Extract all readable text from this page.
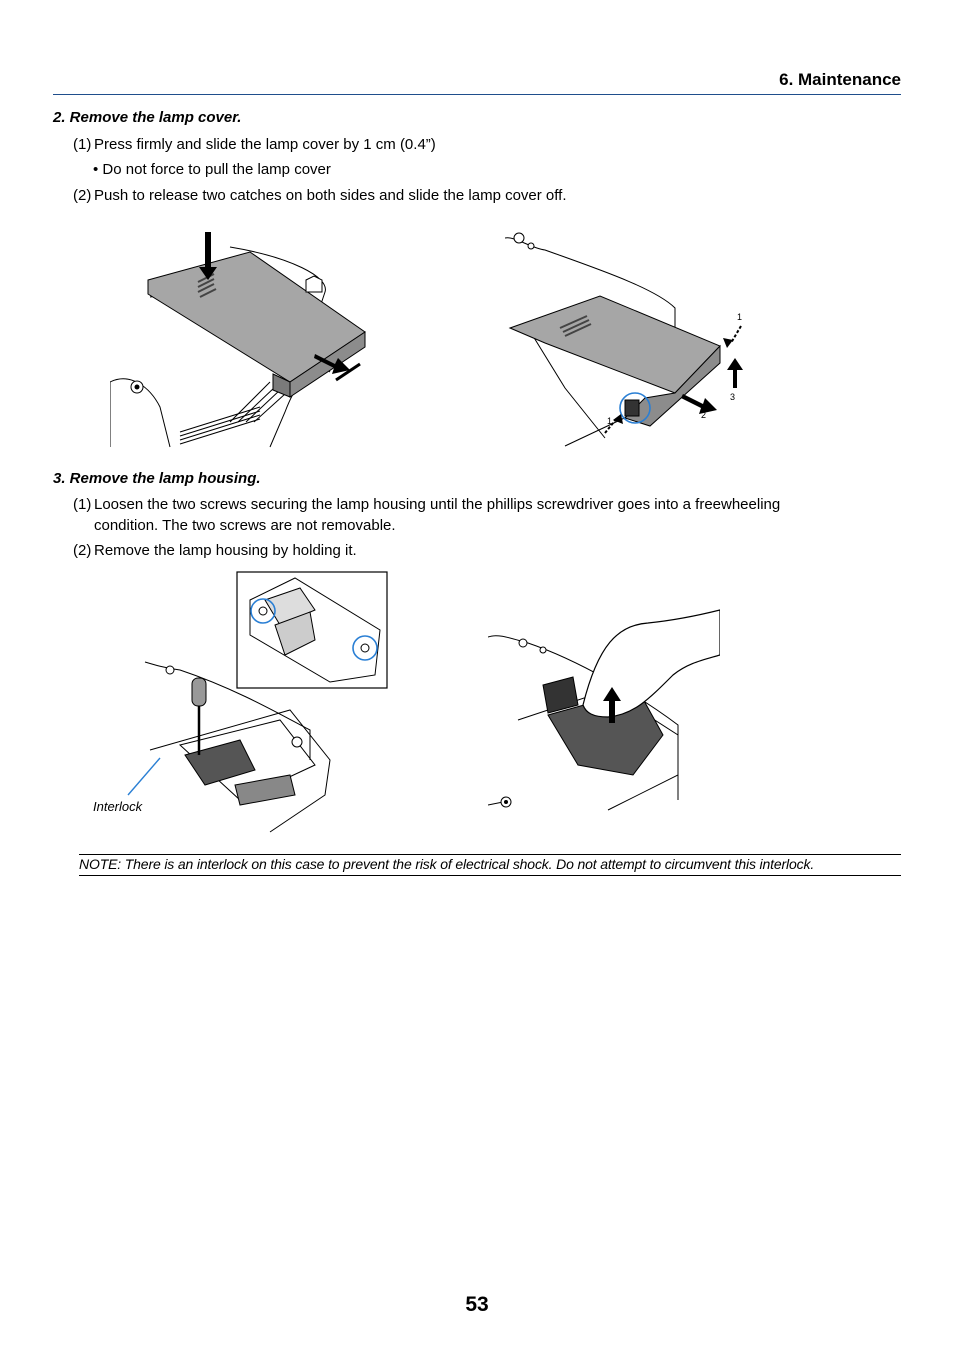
6. Maintenance
2. Remove the lamp cover.
(1) Press firmly and slide the lamp cover by 1 cm (0.4”)
• Do not force to pull the lamp cover
(2) Push to release two catches on both sides and slide the lamp cover off.
1
1
2
3
3. Remove the lamp housing.
(1) Loosen the two screws securing the lamp housing until the phillips screwdriver goes into a freewheeling
condition. The two screws are not removable.
(2) Remove the lamp housing by holding it.
Interlock
NOTE: There is an interlock on this case to prevent the risk of electrical shock. Do not attempt to circumvent this interlock.
53
